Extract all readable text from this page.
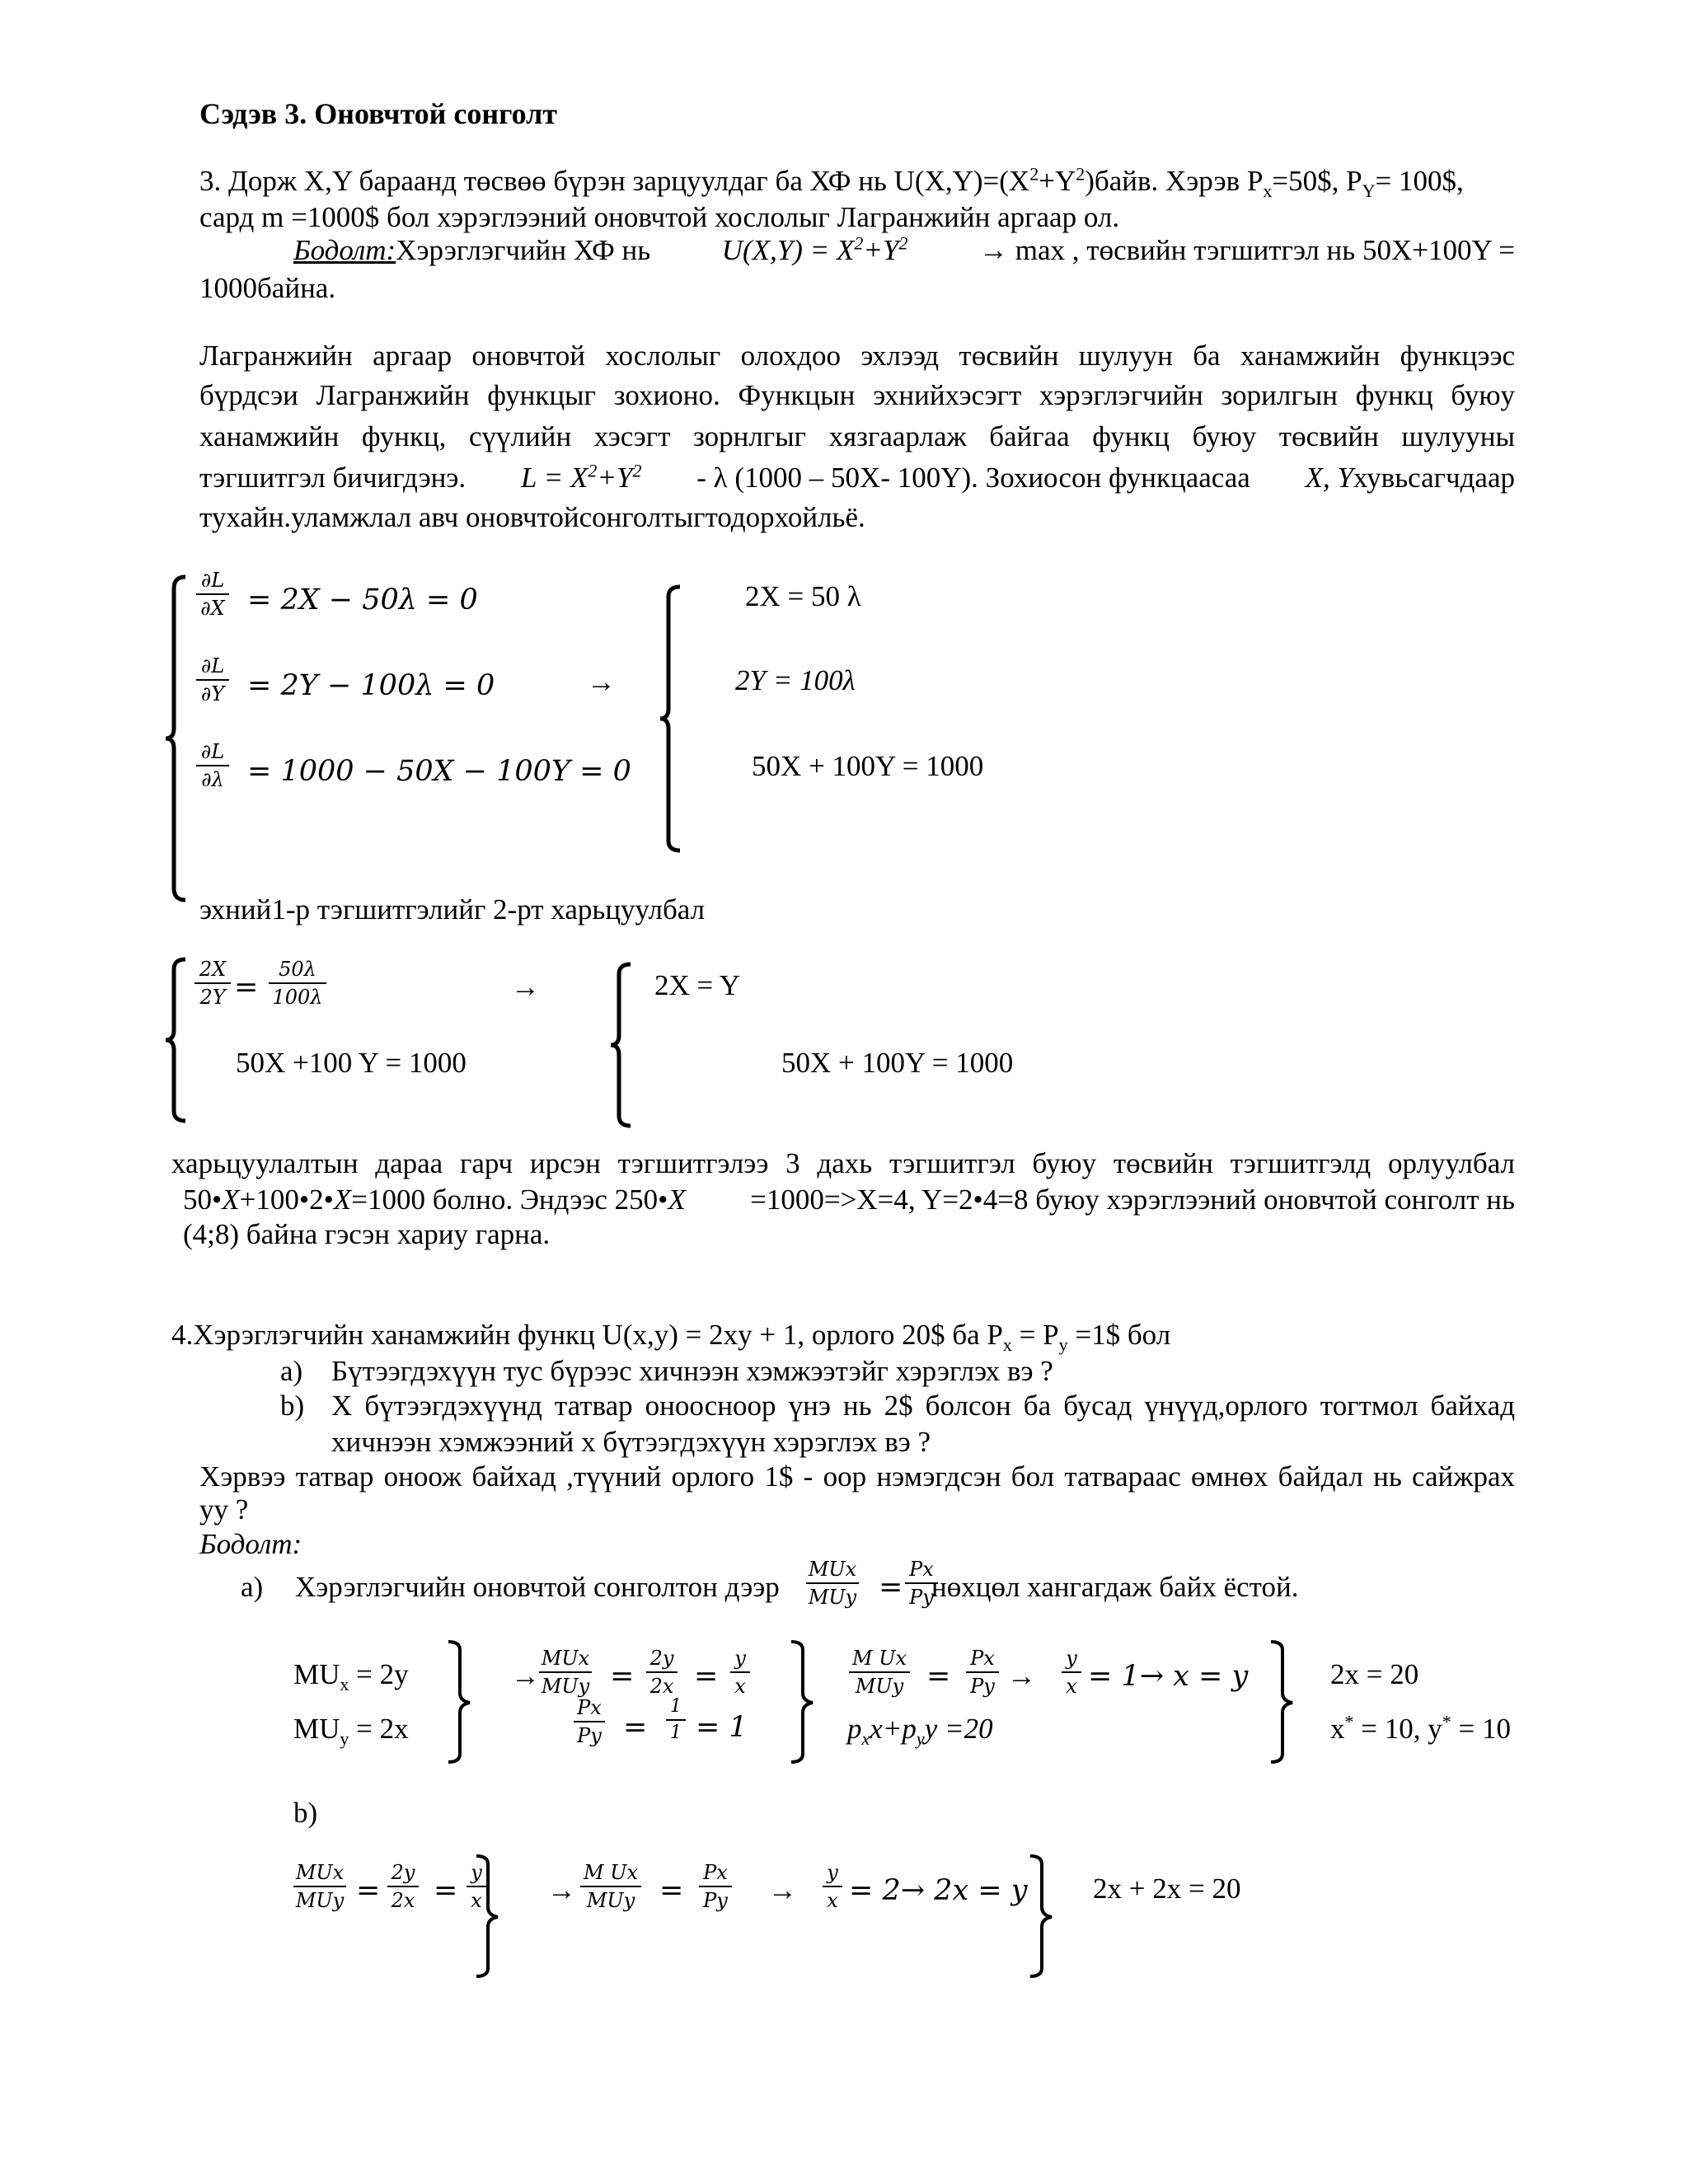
Сэдэв 3. Оновчтой сонголт
3. Дорж X,Y бараанд төсвөө бүрэн зарцуулдаг ба ХФ нь $U(X,Y)=(X^2+Y^2)байв$. Хэрэв $P_x=50\$$, $P_Y=$ 100$,
сард m =1000$ бол хэрэглээний оновчтой хослолыг Лагранжийн аргаар ол.
Бодолт:Хэрэглэгчийн ХФ нь $U(X,Y) = X^2+Y^2 \to \max$ , төсвийн тэгшитгэл нь 50X+100Y =
1000байна.
Лагранжийн аргаар оновчтой хослолыг олохдоо эхлээд төсвийн шулуун ба ханамжийн функцээс
бүрдсэи Лагранжийн функцыг зохионо. Функцын эхнийхэсэгт хэрэглэгчийн зорилгын функц буюу
ханамжийн функц, сүүлийн хэсэгт зорнлгыг хязгаарлаж байгаа функц буюу төсвийн шулууны
тэгшитгэл бичигдэнэ. $L = X^2+Y^2 - \lambda$ (1000 – 50X- 100Y). Зохиосон функцаасаа X, Yхувьсагчдаар
тухайн.уламжлал авч оновчтойсонголтыгтодорхойльё.
∂L
∂X = 2X − 50λ = 0
∂L
∂Y = 2Y − 100λ = 0
∂L
∂λ = 1000 − 50X − 100Y = 0
→
2X = 50 λ
2Y = 100λ
50X + 100Y = 1000
эхний1-р тэгшитгэлийг 2-рт харьцуулбал
2X
2Y =
50λ
100λ
50X +100 Y = 1000
→	2X = Y
50X + 100Y = 1000
харьцуулалтын дараа гарч ирсэн тэгшитгэлээ 3 дахь тэгшитгэл буюу төсвийн тэгшитгэлд орлуулбал
50•X+100•2•X=1000 болно. Эндээс 250•X =1000=>X=4, Y=2•4=8 буюу хэрэглээний оновчтой сонголт нь
(4;8) байна гэсэн хариу гарна.
4.Хэрэглэгчийн ханамжийн функц U(x,y) = 2xy + 1, орлого 20$ ба $P_x = P_y$ =1$ бол
a) Бүтээгдэхүүн тус бүрээс хичнээн хэмжээтэйг хэрэглэх вэ ?
b) X бүтээгдэхүүнд татвар оноосноор үнэ нь 2$ болсон ба бусад үнүүд,орлого тогтмол байхад
хичнээн хэмжээний x бүтээгдэхүүн хэрэглэх вэ ?
Хэрвээ татвар оноож байхад ,түүний орлого 1$ - оор нэмэгдсэн бол татвараас өмнөх байдал нь сайжрах
уу ?
Бодолт:
a) Хэрэглэгчийн оновчтой сонголтон дээр
MUx
MUy =
Px
Py
нөхцөл хангагдаж байх ёстой.
$MU_x = 2y$
$MU_y = 2x$
→
MUx
MUy =
2y
2x =
y
x
Px
Py =
1
1 = 1
M Ux
MUy =
Px
Py →
y
x = 1→ x = y
$p_xx+p_yy =20$
2x = 20
x* = 10, y* = 10
b)
MUx
MUy =
2y
2x =
y
x →
M Ux
MUy =
Px
Py →
y
x = 2→ 2x = y 2x + 2x = 20
